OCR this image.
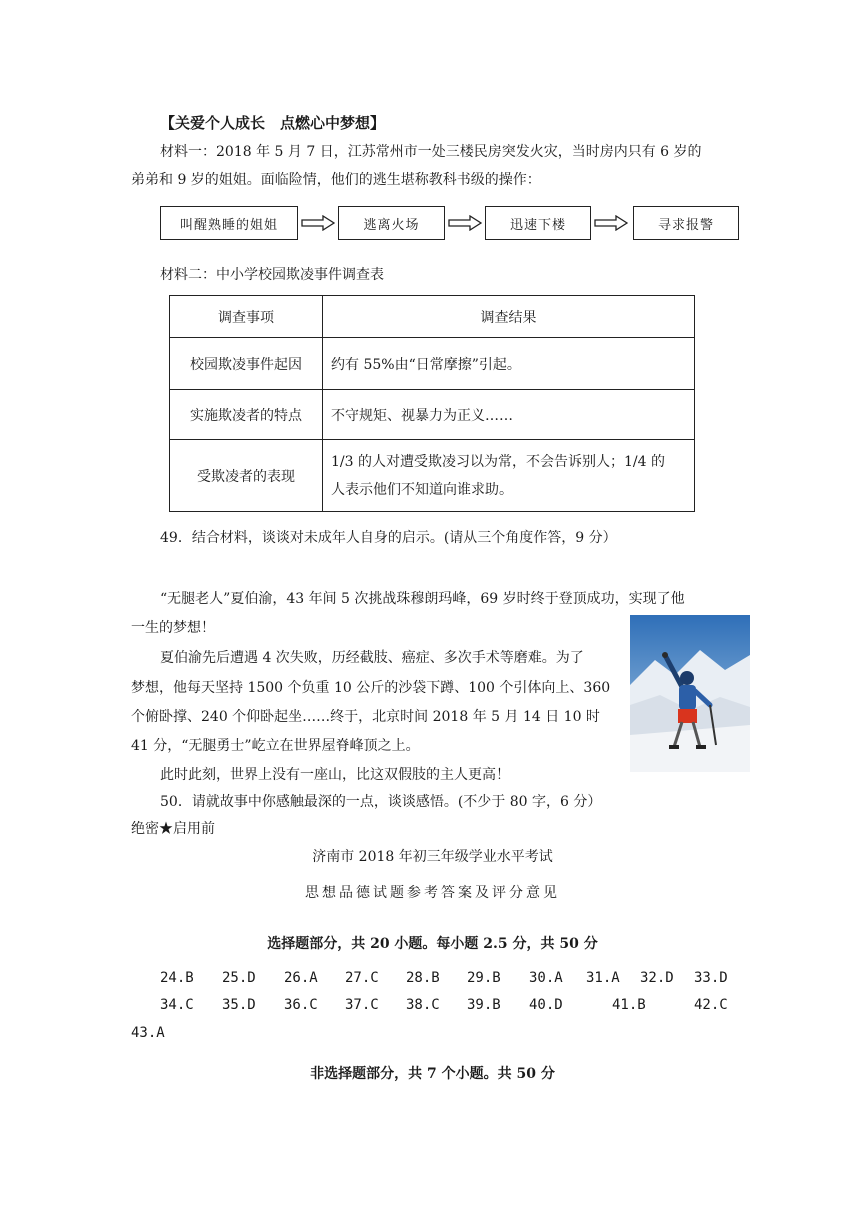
【关爱个人成长　点燃心中梦想】
材料一：2018 年 5 月 7 日，江苏常州市一处三楼民房突发火灾，当时房内只有 6 岁的
弟弟和 9 岁的姐姐。面临险情，他们的逃生堪称教科书级的操作：
叫醒熟睡的姐姐	逃离火场	迅速下楼	寻求报警
材料二：中小学校园欺凌事件调查表
调查事项	调查结果
校园欺凌事件起因	约有 55%由“日常摩擦”引起。
实施欺凌者的特点	不守规矩、视暴力为正义……
受欺凌者的表现	1/3 的人对遭受欺凌习以为常，不会告诉别人；1/4 的
人表示他们不知道向谁求助。
49．结合材料，谈谈对未成年人自身的启示。(请从三个角度作答，9 分）
“无腿老人”夏伯渝，43 年间 5 次挑战珠穆朗玛峰，69 岁时终于登顶成功，实现了他
一生的梦想！
夏伯渝先后遭遇 4 次失败，历经截肢、癌症、多次手术等磨难。为了
梦想，他每天坚持 1500 个负重 10 公斤的沙袋下蹲、100 个引体向上、360
个俯卧撑、240 个仰卧起坐……终于，北京时间 2018 年 5 月 14 日 10 时
41 分，“无腿勇士”屹立在世界屋脊峰顶之上。
此时此刻，世界上没有一座山，比这双假肢的主人更高！
50．请就故事中你感触最深的一点，谈谈感悟。(不少于 80 字，6 分）
绝密★启用前
济南市 2018 年初三年级学业水平考试
思想品德试题参考答案及评分意见
选择题部分，共 20 小题。每小题 2.5 分，共 50 分
24.B 25.D 26.A 27.C 28.B 29.B 30.A 31.A 32.D 33.D
34.C 35.D 36.C 37.C 38.C 39.B 40.D	41.B	42.C
43.A
非选择题部分，共 7 个小题。共 50 分
